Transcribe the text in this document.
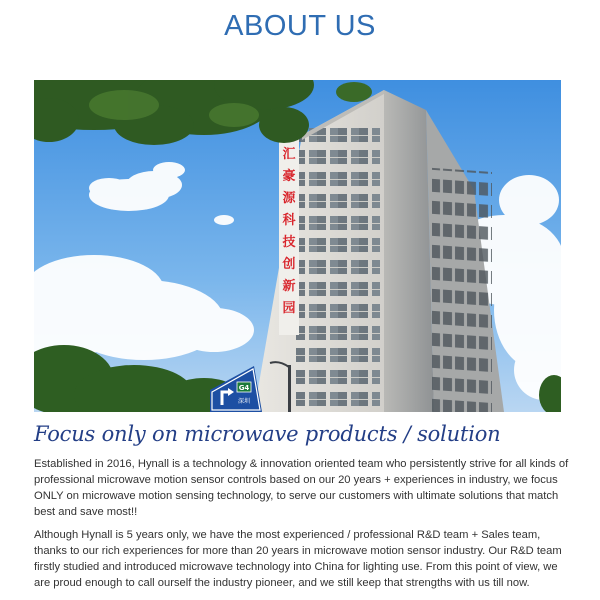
ABOUT US
汇
豪
源
科
技
创
新
园
G4
深圳
Focus only on microwave products / solution

Established in 2016, Hynall is a technology & innovation oriented team who persistently strive for all kinds of professional microwave motion sensor controls based on our 20 years + experiences in industry, we focus ONLY on microwave motion sensing technology, to serve our customers with ultimate solutions that match best and save most!!

Although Hynall is 5 years only, we have the most experienced / professional R&D team + Sales team, thanks to our rich experiences for more than 20 years in microwave motion sensor industry. Our R&D team firstly studied and introduced microwave technology into China for lighting use. From this point of view, we are proud enough to call ourself the industry pioneer, and we still keep that strengths with us till now.
